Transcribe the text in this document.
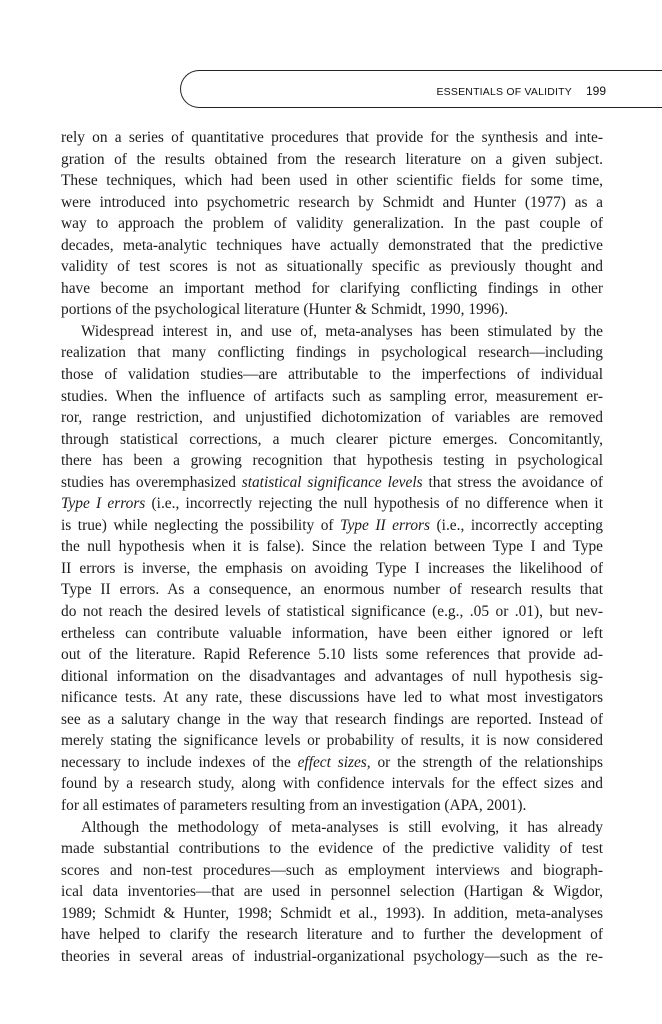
ESSENTIALS OF VALIDITY 199
rely on a series of quantitative procedures that provide for the synthesis and inte-
gration of the results obtained from the research literature on a given subject.
These techniques, which had been used in other scientific fields for some time,
were introduced into psychometric research by Schmidt and Hunter (1977) as a
way to approach the problem of validity generalization. In the past couple of
decades, meta-analytic techniques have actually demonstrated that the predictive
validity of test scores is not as situationally specific as previously thought and
have become an important method for clarifying conflicting findings in other
portions of the psychological literature (Hunter & Schmidt, 1990, 1996).
Widespread interest in, and use of, meta-analyses has been stimulated by the
realization that many conflicting findings in psychological research—including
those of validation studies—are attributable to the imperfections of individual
studies. When the influence of artifacts such as sampling error, measurement er-
ror, range restriction, and unjustified dichotomization of variables are removed
through statistical corrections, a much clearer picture emerges. Concomitantly,
there has been a growing recognition that hypothesis testing in psychological
studies has overemphasized statistical significance levels that stress the avoidance of
Type I errors (i.e., incorrectly rejecting the null hypothesis of no difference when it
is true) while neglecting the possibility of Type II errors (i.e., incorrectly accepting
the null hypothesis when it is false). Since the relation between Type I and Type
II errors is inverse, the emphasis on avoiding Type I increases the likelihood of
Type II errors. As a consequence, an enormous number of research results that
do not reach the desired levels of statistical significance (e.g., .05 or .01), but nev-
ertheless can contribute valuable information, have been either ignored or left
out of the literature. Rapid Reference 5.10 lists some references that provide ad-
ditional information on the disadvantages and advantages of null hypothesis sig-
nificance tests. At any rate, these discussions have led to what most investigators
see as a salutary change in the way that research findings are reported. Instead of
merely stating the significance levels or probability of results, it is now considered
necessary to include indexes of the effect sizes, or the strength of the relationships
found by a research study, along with confidence intervals for the effect sizes and
for all estimates of parameters resulting from an investigation (APA, 2001).
Although the methodology of meta-analyses is still evolving, it has already
made substantial contributions to the evidence of the predictive validity of test
scores and non-test procedures—such as employment interviews and biograph-
ical data inventories—that are used in personnel selection (Hartigan & Wigdor,
1989; Schmidt & Hunter, 1998; Schmidt et al., 1993). In addition, meta-analyses
have helped to clarify the research literature and to further the development of
theories in several areas of industrial-organizational psychology—such as the re-
